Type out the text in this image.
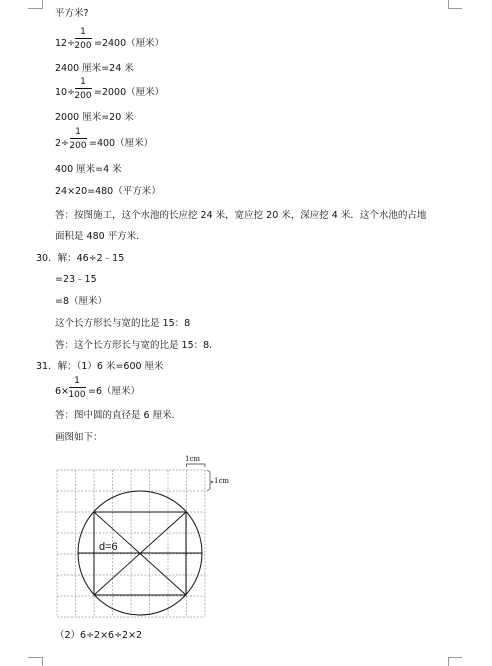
平方米?
12÷
1
200 =2400（厘米）
2400 厘米=24 米
10÷
1
200 =2000（厘米）
2000 厘米=20 米
2÷
1
200 =400（厘米）
400 厘米=4 米
24×20=480（平方米）
答：按图施工，这个水池的长应挖 24 米，宽应挖 20 米，深应挖 4 米．这个水池的占地
面积是 480 平方米．
30．解：46÷2﹣15
=23﹣15
=8（厘米）
这个长方形长与宽的比是 15：8
答：这个长方形长与宽的比是 15：8．
31．解：（1）6 米=600 厘米
6×
1
100 =6（厘米）
答：图中圆的直径是 6 厘米．
画图如下：
1cm
1cm
d=6
（2）6÷2×6÷2×2
